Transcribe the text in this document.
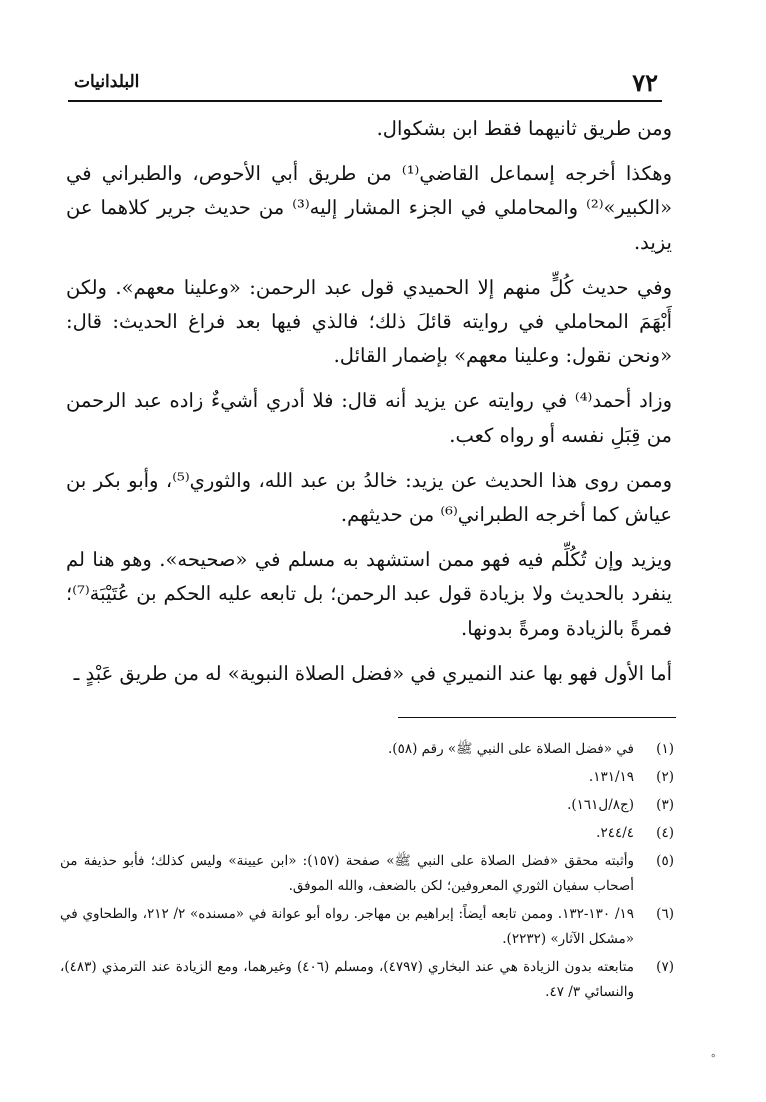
٧٢
البلدانيات

ومن طريق ثانيهما فقط ابن بشكوال.

وهكذا أخرجه إسماعل القاضي⁽¹⁾ من طريق أبي الأحوص، والطبراني في «الكبير»⁽²⁾ والمحاملي في الجزء المشار إليه⁽³⁾ من حديث جرير كلاهما عن يزيد.

وفي حديث كُلٍّ منهم إلا الحميدي قول عبد الرحمن: «وعلينا معهم». ولكن أَبْهَمَ المحاملي في روايته قائلَ ذلك؛ فالذي فيها بعد فراغ الحديث: قال: «ونحن نقول: وعلينا معهم» بإضمار القائل.

وزاد أحمد⁽⁴⁾ في روايته عن يزيد أنه قال: فلا أدري أشيءٌ زاده عبد الرحمن من قِبَلِ نفسه أو رواه كعب.

وممن روى هذا الحديث عن يزيد: خالدُ بن عبد الله، والثوري⁽⁵⁾، وأبو بكر بن عياش كما أخرجه الطبراني⁽⁶⁾ من حديثهم.

ويزيد وإن تُكُلِّم فيه فهو ممن استشهد به مسلم في «صحيحه». وهو هنا لم ينفرد بالحديث ولا بزيادة قول عبد الرحمن؛ بل تابعه عليه الحكم بن عُتَيْبَة⁽⁷⁾؛ فمرةً بالزيادة ومرةً بدونها.

أما الأول فهو بها عند النميري في «فضل الصلاة النبوية» له من طريق عَبْدٍ ـ

(١)
في «فضل الصلاة على النبي ﷺ» رقم (٥٨).
(٢)
١٣١/١٩.
(٣)
(ج٨/ل١٦١).
(٤)
٢٤٤/٤.
(٥)
وأثبته محقق «فضل الصلاة على النبي ﷺ» صفحة (١٥٧): «ابن عيينة» وليس كذلك؛ فأبو حذيفة من أصحاب سفيان الثوري المعروفين؛ لكن بالضعف، والله الموفق.
(٦)
١٩/ ١٣٠-١٣٢. وممن تابعه أيضاً: إبراهيم بن مهاجر. رواه أبو عوانة في «مسنده» ٢/ ٢١٢، والطحاوي في «مشكل الآثار» (٢٢٣٢).
(٧)
متابعته بدون الزيادة هي عند البخاري (٤٧٩٧)، ومسلم (٤٠٦) وغيرهما، ومع الزيادة عند الترمذي (٤٨٣)، والنسائي ٣/ ٤٧.
ه
